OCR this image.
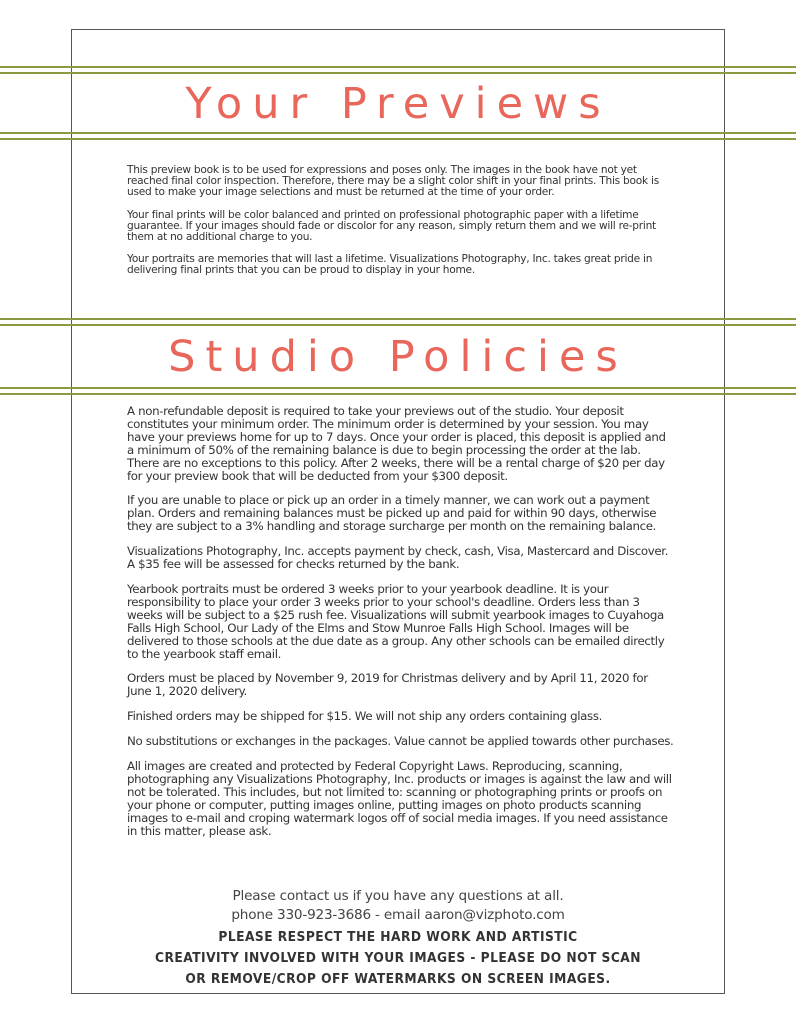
Your Previews

This preview book is to be used for expressions and poses only. The images in the book have not yet reached final color inspection. Therefore, there may be a slight color shift in your final prints. This book is used to make your image selections and must be returned at the time of your order.

Your final prints will be color balanced and printed on professional photographic paper with a lifetime guarantee. If your images should fade or discolor for any reason, simply return them and we will re-print them at no additional charge to you.

Your portraits are memories that will last a lifetime. Visualizations Photography, Inc. takes great pride in delivering final prints that you can be proud to display in your home.

Studio Policies

A non-refundable deposit is required to take your previews out of the studio. Your deposit constitutes your minimum order. The minimum order is determined by your session. You may have your previews home for up to 7 days. Once your order is placed, this deposit is applied and a minimum of 50% of the remaining balance is due to begin processing the order at the lab. There are no exceptions to this policy. After 2 weeks, there will be a rental charge of $20 per day for your preview book that will be deducted from your $300 deposit.

If you are unable to place or pick up an order in a timely manner, we can work out a payment plan. Orders and remaining balances must be picked up and paid for within 90 days, otherwise they are subject to a 3% handling and storage surcharge per month on the remaining balance.

Visualizations Photography, Inc. accepts payment by check, cash, Visa, Mastercard and Discover. A $35 fee will be assessed for checks returned by the bank.

Yearbook portraits must be ordered 3 weeks prior to your yearbook deadline. It is your responsibility to place your order 3 weeks prior to your school's deadline. Orders less than 3 weeks will be subject to a $25 rush fee. Visualizations will submit yearbook images to Cuyahoga Falls High School, Our Lady of the Elms and Stow Munroe Falls High School. Images will be delivered to those schools at the due date as a group. Any other schools can be emailed directly to the yearbook staff email.

Orders must be placed by November 9, 2019 for Christmas delivery and by April 11, 2020 for June 1, 2020 delivery.

Finished orders may be shipped for $15. We will not ship any orders containing glass.

No substitutions or exchanges in the packages. Value cannot be applied towards other purchases.

All images are created and protected by Federal Copyright Laws. Reproducing, scanning, photographing any Visualizations Photography, Inc. products or images is against the law and will not be tolerated. This includes, but not limited to: scanning or photographing prints or proofs on your phone or computer, putting images online, putting images on photo products scanning images to e-mail and croping watermark logos off of social media images. If you need assistance in this matter, please ask.

Please contact us if you have any questions at all.
phone 330-923-3686 - email aaron@vizphoto.com
PLEASE RESPECT THE HARD WORK AND ARTISTIC
CREATIVITY INVOLVED WITH YOUR IMAGES - PLEASE DO NOT SCAN
OR REMOVE/CROP OFF WATERMARKS ON SCREEN IMAGES.
